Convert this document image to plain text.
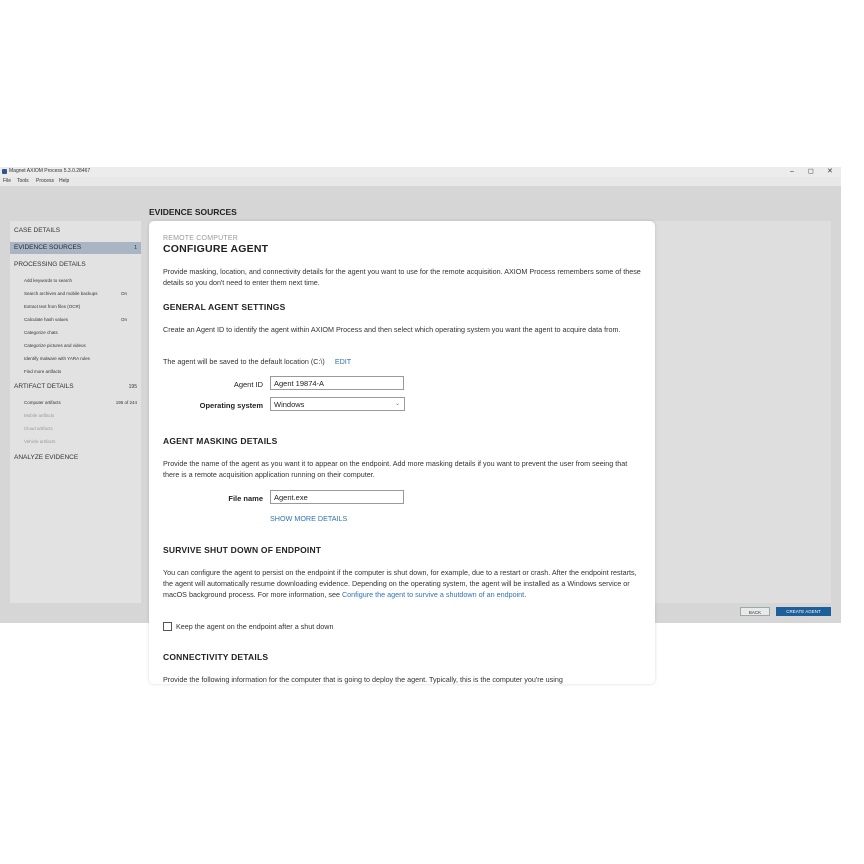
Magnet AXIOM Process 5.3.0.28467	– ◻ ✕
File Tools Process Help
EVIDENCE SOURCES
CASE DETAILS
EVIDENCE SOURCES	1
PROCESSING DETAILS
Add keywords to search
Search archives and mobile backups	On
Extract text from files (OCR)
Calculate hash values	On
Categorize chats
Categorize pictures and videos
Identify malware with YARA rules
Find more artifacts
ARTIFACT DETAILS	195
Computer artifacts	195 of 244
Mobile artifacts
Cloud artifacts
Vehicle artifacts
ANALYZE EVIDENCE
BACK	CREATE AGENT
REMOTE COMPUTER
CONFIGURE AGENT
Provide masking, location, and connectivity details for the agent you want to use for the remote acquisition. AXIOM Process remembers some of these details so you don't need to enter them next time.
GENERAL AGENT SETTINGS
Create an Agent ID to identify the agent within AXIOM Process and then select which operating system you want the agent to acquire data from.
The agent will be saved to the default location (C:\) EDIT
Agent ID	Agent 19874-A
Operating system	Windows	⌄
AGENT MASKING DETAILS
Provide the name of the agent as you want it to appear on the endpoint. Add more masking details if you want to prevent the user from seeing that there is a remote acquisition application running on their computer.
File name	Agent.exe
SHOW MORE DETAILS
SURVIVE SHUT DOWN OF ENDPOINT
You can configure the agent to persist on the endpoint if the computer is shut down, for example, due to a restart or crash. After the endpoint restarts, the agent will automatically resume downloading evidence. Depending on the operating system, the agent will be installed as a Windows service or macOS background process. For more information, see Configure the agent to survive a shutdown of an endpoint.
Keep the agent on the endpoint after a shut down
CONNECTIVITY DETAILS
Provide the following information for the computer that is going to deploy the agent. Typically, this is the computer you're using
